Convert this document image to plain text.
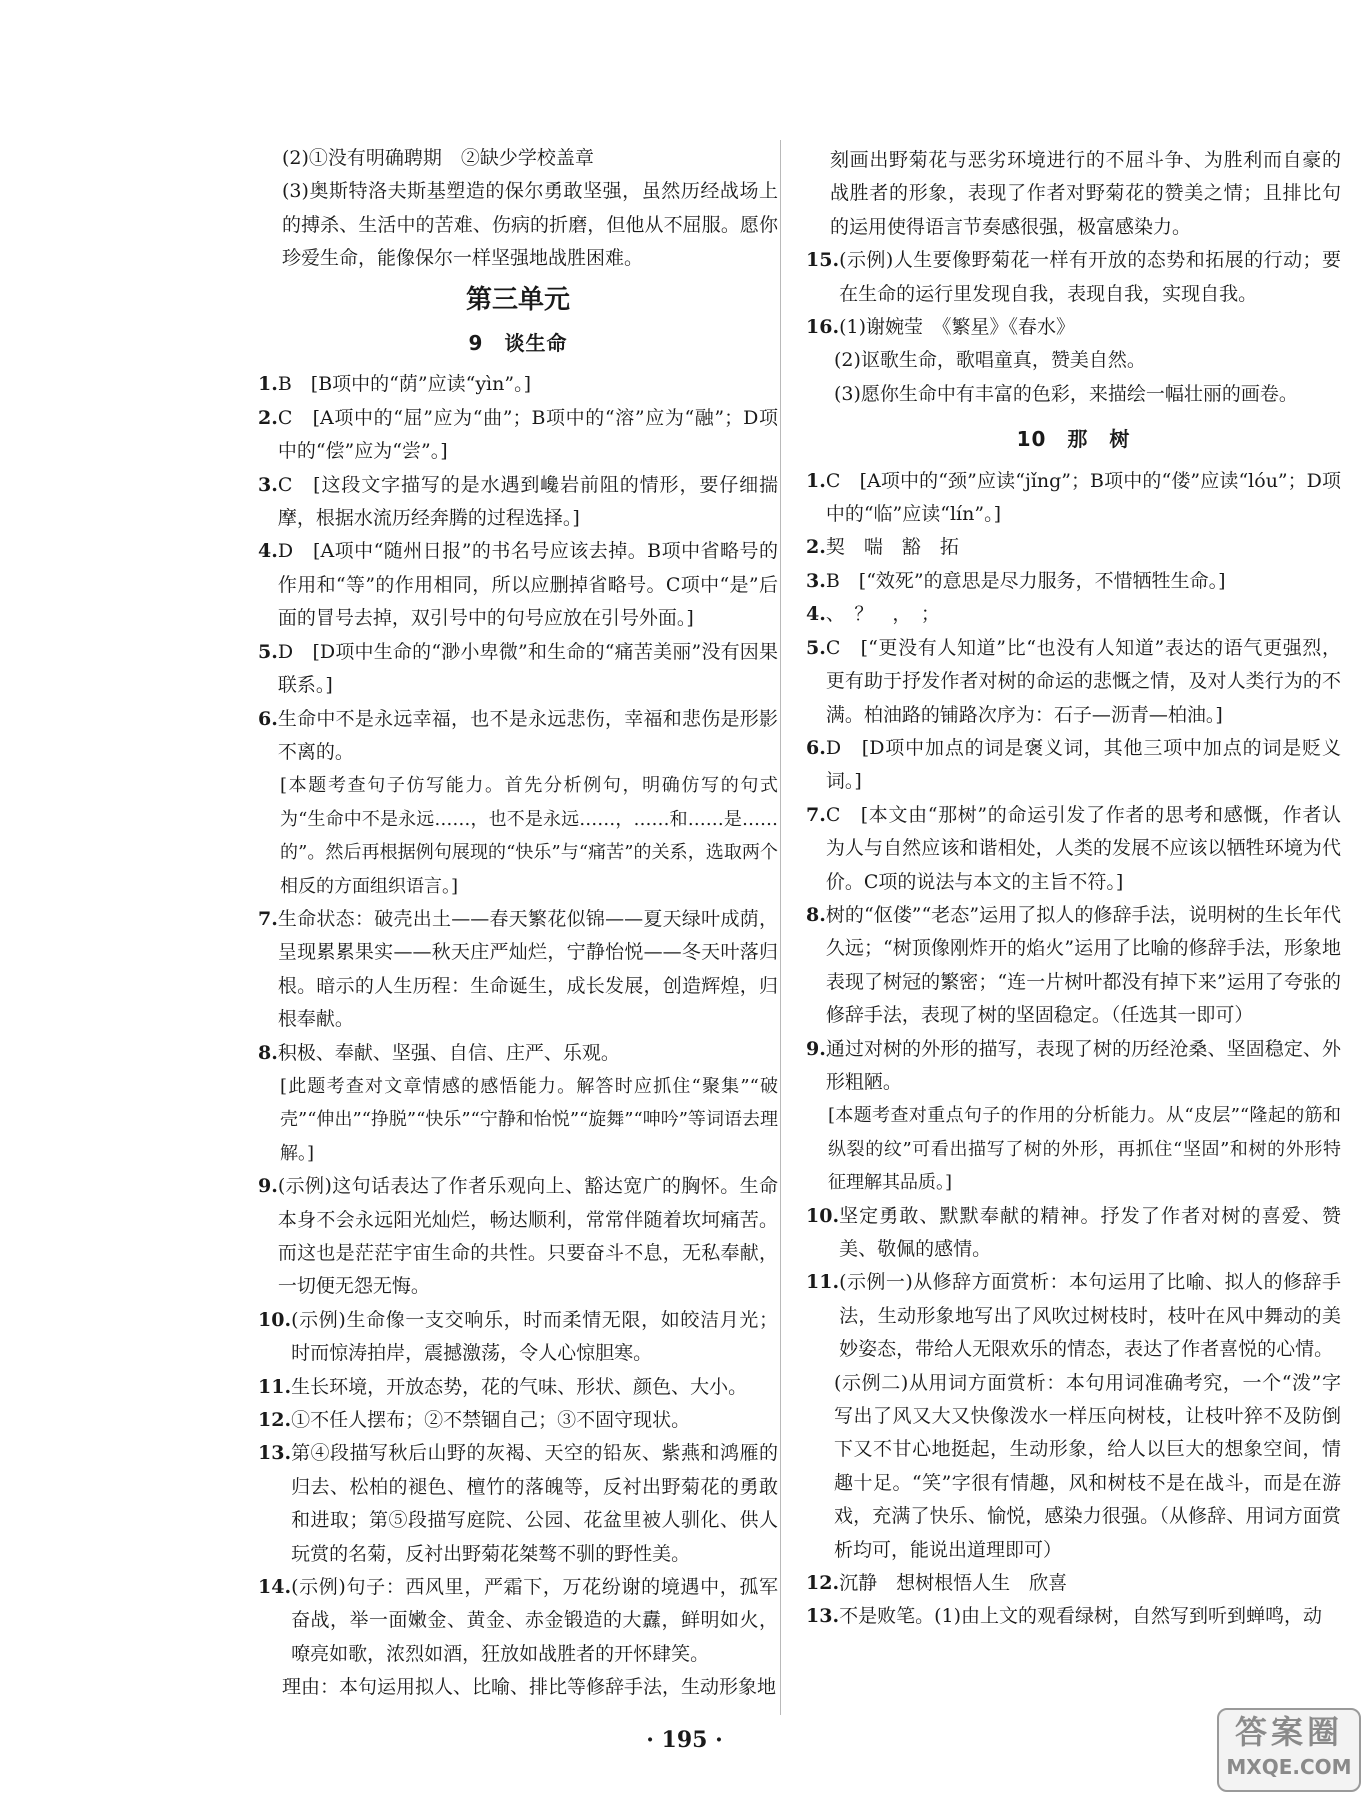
(2)①没有明确聘期　②缺少学校盖章

(3)奥斯特洛夫斯基塑造的保尔勇敢坚强，虽然历经战场上的搏杀、生活中的苦难、伤病的折磨，但他从不屈服。愿你珍爱生命，能像保尔一样坚强地战胜困难。

第三单元
9　谈生命
1. B　[B项中的“荫”应读“yìn”。]
2. C　[A项中的“屈”应为“曲”；B项中的“溶”应为“融”；D项中的“偿”应为“尝”。]
3. C　[这段文字描写的是水遇到巉岩前阻的情形，要仔细揣摩，根据水流历经奔腾的过程选择。]
4. D　[A项中“随州日报”的书名号应该去掉。B项中省略号的作用和“等”的作用相同，所以应删掉省略号。C项中“是”后面的冒号去掉，双引号中的句号应放在引号外面。]
5. D　[D项中生命的“渺小卑微”和生命的“痛苦美丽”没有因果联系。]
6. 生命中不是永远幸福，也不是永远悲伤，幸福和悲伤是形影不离的。

[本题考查句子仿写能力。首先分析例句，明确仿写的句式为“生命中不是永远……，也不是永远……，……和……是……的”。然后再根据例句展现的“快乐”与“痛苦”的关系，选取两个相反的方面组织语言。]

7. 生命状态：破壳出土——春天繁花似锦——夏天绿叶成荫，呈现累累果实——秋天庄严灿烂，宁静怡悦——冬天叶落归根。暗示的人生历程：生命诞生，成长发展，创造辉煌，归根奉献。
8. 积极、奉献、坚强、自信、庄严、乐观。

[此题考查对文章情感的感悟能力。解答时应抓住“聚集”“破壳”“伸出”“挣脱”“快乐”“宁静和怡悦”“旋舞”“呻吟”等词语去理解。]

9. (示例)这句话表达了作者乐观向上、豁达宽广的胸怀。生命本身不会永远阳光灿烂，畅达顺利，常常伴随着坎坷痛苦。而这也是茫茫宇宙生命的共性。只要奋斗不息，无私奉献，一切便无怨无悔。
10. (示例)生命像一支交响乐，时而柔情无限，如皎洁月光；时而惊涛拍岸，震撼激荡，令人心惊胆寒。
11. 生长环境，开放态势，花的气味、形状、颜色、大小。
12. ①不任人摆布；②不禁锢自己；③不固守现状。
13. 第④段描写秋后山野的灰褐、天空的铅灰、紫燕和鸿雁的归去、松柏的褪色、檀竹的落魄等，反衬出野菊花的勇敢和进取；第⑤段描写庭院、公园、花盆里被人驯化、供人玩赏的名菊，反衬出野菊花桀骜不驯的野性美。
14. (示例)句子：西风里，严霜下，万花纷谢的境遇中，孤军奋战，举一面嫩金、黄金、赤金锻造的大纛，鲜明如火，嘹亮如歌，浓烈如酒，狂放如战胜者的开怀肆笑。

理由：本句运用拟人、比喻、排比等修辞手法，生动形象地

刻画出野菊花与恶劣环境进行的不屈斗争、为胜利而自豪的战胜者的形象，表现了作者对野菊花的赞美之情；且排比句的运用使得语言节奏感很强，极富感染力。

15. (示例)人生要像野菊花一样有开放的态势和拓展的行动；要在生命的运行里发现自我，表现自我，实现自我。
16. (1)谢婉莹　《繁星》《春水》

(2)讴歌生命，歌唱童真，赞美自然。

(3)愿你生命中有丰富的色彩，来描绘一幅壮丽的画卷。

10　那　树
1. C　[A项中的“颈”应读“jǐng”；B项中的“偻”应读“lóu”；D项中的“临”应读“lín”。]
2. 契　喘　豁　拓
3. B　[“效死”的意思是尽力服务，不惜牺牲生命。]
4. 、　？　，　；
5. C　[“更没有人知道”比“也没有人知道”表达的语气更强烈，更有助于抒发作者对树的命运的悲慨之情，及对人类行为的不满。柏油路的铺路次序为：石子—沥青—柏油。]
6. D　[D项中加点的词是褒义词，其他三项中加点的词是贬义词。]
7. C　[本文由“那树”的命运引发了作者的思考和感慨，作者认为人与自然应该和谐相处，人类的发展不应该以牺牲环境为代价。C项的说法与本文的主旨不符。]
8. 树的“伛偻”“老态”运用了拟人的修辞手法，说明树的生长年代久远；“树顶像刚炸开的焰火”运用了比喻的修辞手法，形象地表现了树冠的繁密；“连一片树叶都没有掉下来”运用了夸张的修辞手法，表现了树的坚固稳定。（任选其一即可）
9. 通过对树的外形的描写，表现了树的历经沧桑、坚固稳定、外形粗陋。

[本题考查对重点句子的作用的分析能力。从“皮层”“隆起的筋和纵裂的纹”可看出描写了树的外形，再抓住“坚固”和树的外形特征理解其品质。]

10. 坚定勇敢、默默奉献的精神。抒发了作者对树的喜爱、赞美、敬佩的感情。
11. (示例一)从修辞方面赏析：本句运用了比喻、拟人的修辞手法，生动形象地写出了风吹过树枝时，枝叶在风中舞动的美妙姿态，带给人无限欢乐的情态，表达了作者喜悦的心情。

(示例二)从用词方面赏析：本句用词准确考究，一个“泼”字写出了风又大又快像泼水一样压向树枝，让枝叶猝不及防倒下又不甘心地挺起，生动形象，给人以巨大的想象空间，情趣十足。“笑”字很有情趣，风和树枝不是在战斗，而是在游戏，充满了快乐、愉悦，感染力很强。（从修辞、用词方面赏析均可，能说出道理即可）

12. 沉静　想树根悟人生　欣喜
13. 不是败笔。(1)由上文的观看绿树，自然写到听到蝉鸣，动
· 195 ·	答案圈
MXQE.COM
